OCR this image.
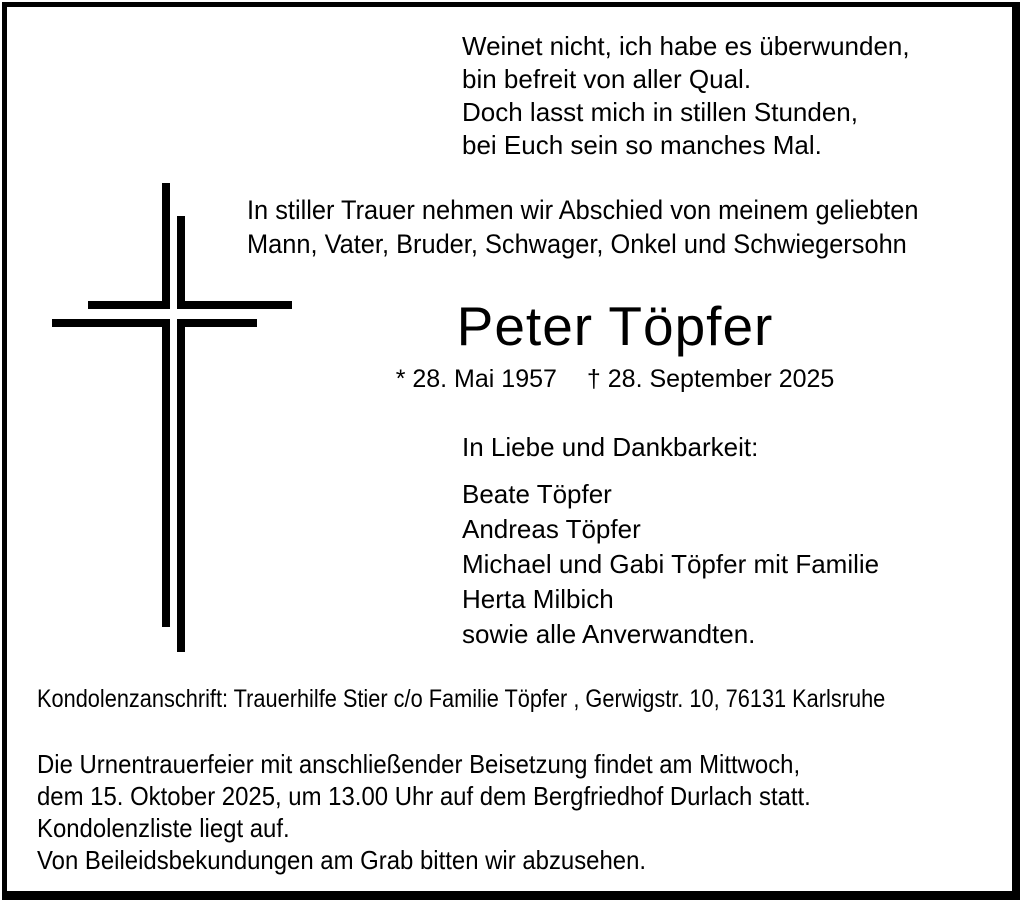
Weinet nicht, ich habe es überwunden,
bin befreit von aller Qual.
Doch lasst mich in stillen Stunden,
bei Euch sein so manches Mal.
In stiller Trauer nehmen wir Abschied von meinem geliebten
Mann, Vater, Bruder, Schwager, Onkel und Schwiegersohn
Peter Töpfer
* 28. Mai 1957 † 28. September 2025
In Liebe und Dankbarkeit:
Beate Töpfer
Andreas Töpfer
Michael und Gabi Töpfer mit Familie
Herta Milbich
sowie alle Anverwandten.
Kondolenzanschrift: Trauerhilfe Stier c/o Familie Töpfer , Gerwigstr. 10, 76131 Karlsruhe
Die Urnentrauerfeier mit anschließender Beisetzung findet am Mittwoch,
dem 15. Oktober 2025, um 13.00 Uhr auf dem Bergfriedhof Durlach statt.
Kondolenzliste liegt auf.
Von Beileidsbekundungen am Grab bitten wir abzusehen.
